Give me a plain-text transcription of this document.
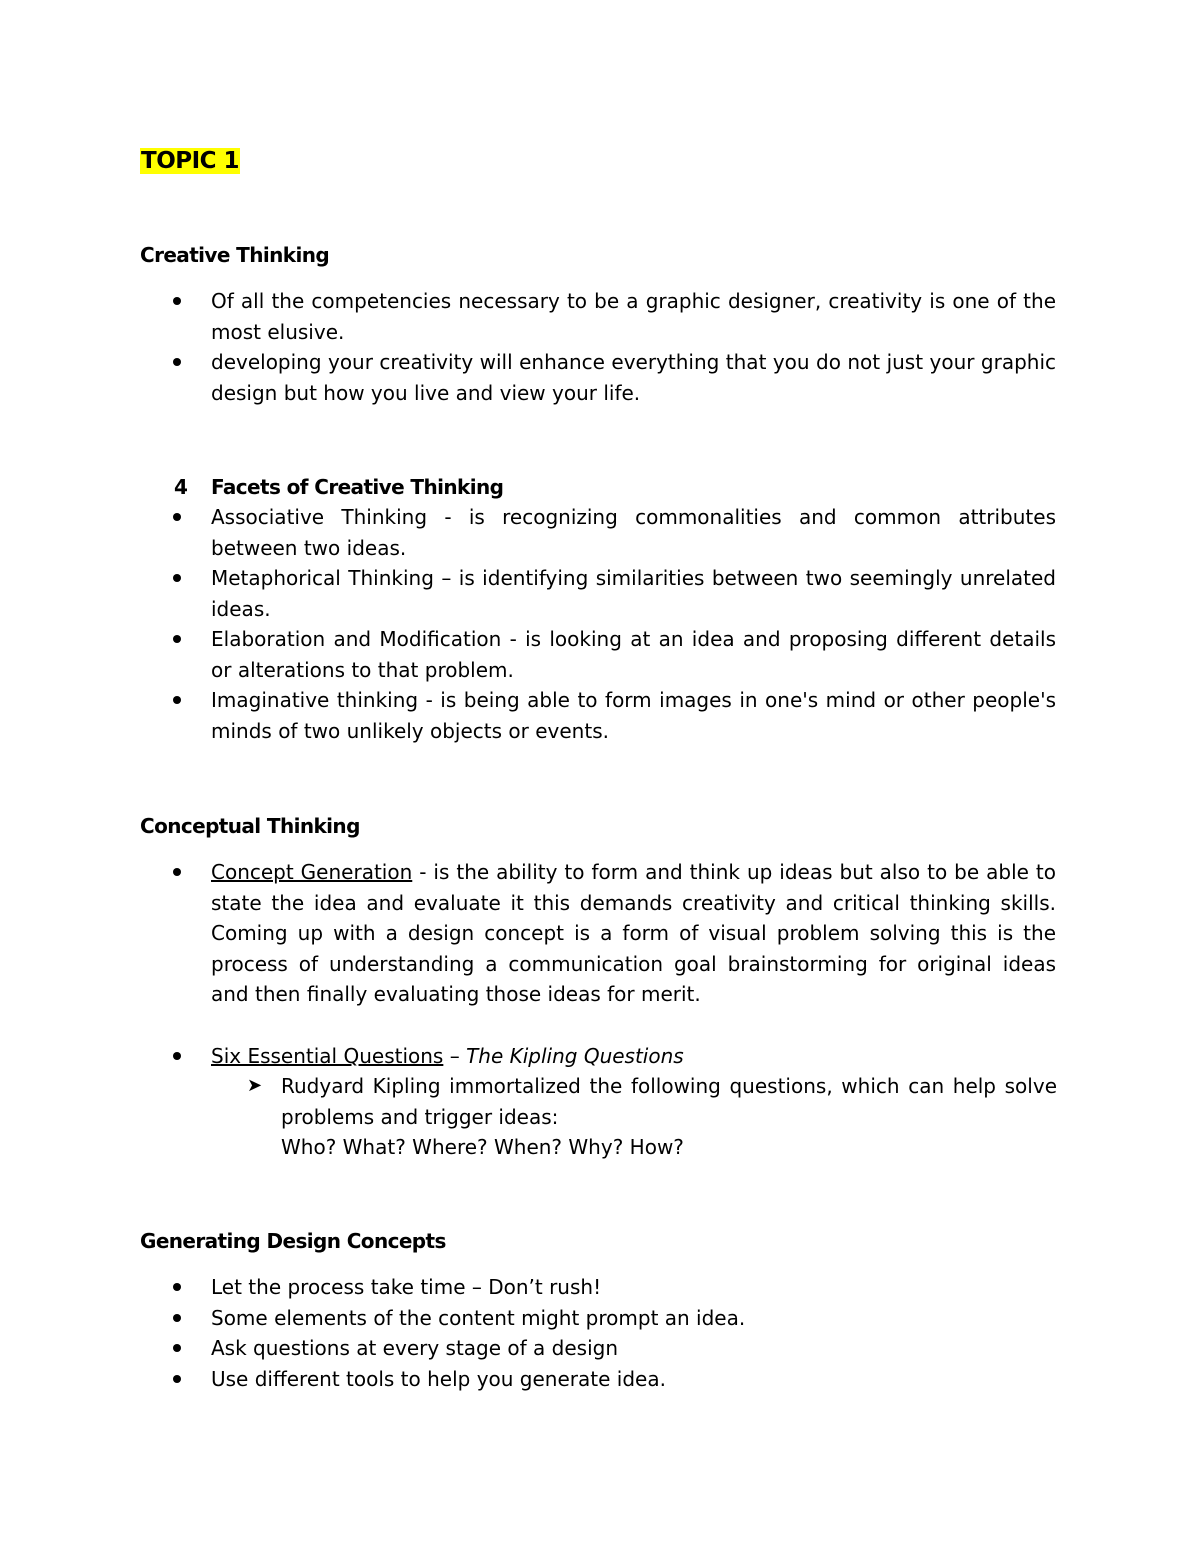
TOPIC 1
Creative Thinking
Of all the competencies necessary to be a graphic designer, creativity is one of the most elusive.
developing your creativity will enhance everything that you do not just your graphic design but how you live and view your life.
4 Facets of Creative Thinking
Associative Thinking - is recognizing commonalities and common attributes between two ideas.
Metaphorical Thinking – is identifying similarities between two seemingly unrelated ideas.
Elaboration and Modification - is looking at an idea and proposing different details or alterations to that problem.
Imaginative thinking - is being able to form images in one's mind or other people's minds of two unlikely objects or events.
Conceptual Thinking
Concept Generation - is the ability to form and think up ideas but also to be able to state the idea and evaluate it this demands creativity and critical thinking skills. Coming up with a design concept is a form of visual problem solving this is the process of understanding a communication goal brainstorming for original ideas and then finally evaluating those ideas for merit.
Six Essential Questions – The Kipling Questions
➤ Rudyard Kipling immortalized the following questions, which can help solve problems and trigger ideas:
Who? What? Where? When? Why? How?
Generating Design Concepts
Let the process take time – Don’t rush!
Some elements of the content might prompt an idea.
Ask questions at every stage of a design
Use different tools to help you generate idea.
